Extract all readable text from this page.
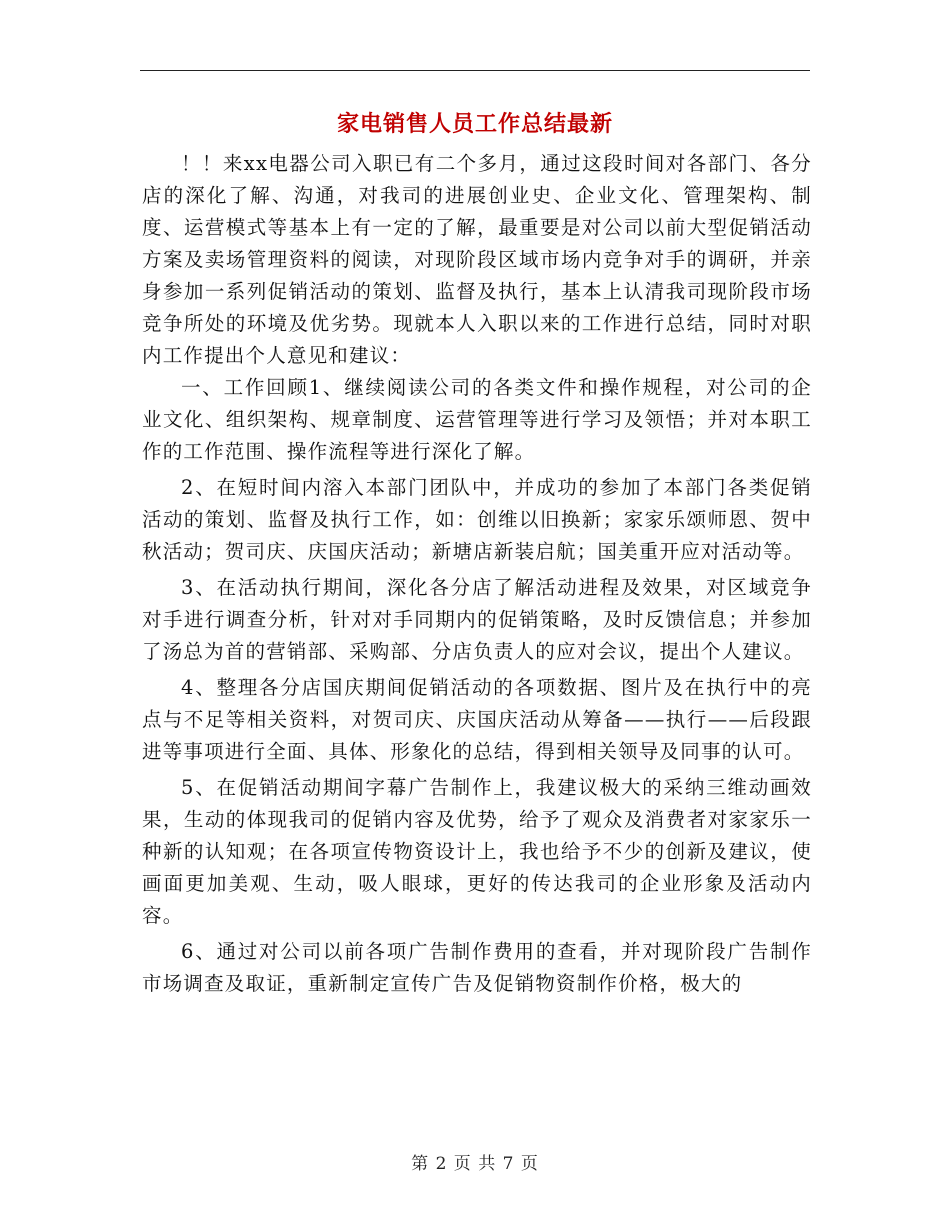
家电销售人员工作总结最新

！！来xx电器公司入职已有二个多月，通过这段时间对各部门、各分店的深化了解、沟通，对我司的进展创业史、企业文化、管理架构、制度、运营模式等基本上有一定的了解，最重要是对公司以前大型促销活动方案及卖场管理资料的阅读，对现阶段区域市场内竞争对手的调研，并亲身参加一系列促销活动的策划、监督及执行，基本上认清我司现阶段市场竞争所处的环境及优劣势。现就本人入职以来的工作进行总结，同时对职内工作提出个人意见和建议：

一、工作回顾1、继续阅读公司的各类文件和操作规程，对公司的企业文化、组织架构、规章制度、运营管理等进行学习及领悟；并对本职工作的工作范围、操作流程等进行深化了解。

2、在短时间内溶入本部门团队中，并成功的参加了本部门各类促销活动的策划、监督及执行工作，如：创维以旧换新；家家乐颂师恩、贺中秋活动；贺司庆、庆国庆活动；新塘店新装启航；国美重开应对活动等。

3、在活动执行期间，深化各分店了解活动进程及效果，对区域竞争对手进行调查分析，针对对手同期内的促销策略，及时反馈信息；并参加了汤总为首的营销部、采购部、分店负责人的应对会议，提出个人建议。

4、整理各分店国庆期间促销活动的各项数据、图片及在执行中的亮点与不足等相关资料，对贺司庆、庆国庆活动从筹备——执行——后段跟进等事项进行全面、具体、形象化的总结，得到相关领导及同事的认可。

5、在促销活动期间字幕广告制作上，我建议极大的采纳三维动画效果，生动的体现我司的促销内容及优势，给予了观众及消费者对家家乐一种新的认知观；在各项宣传物资设计上，我也给予不少的创新及建议，使画面更加美观、生动，吸人眼球，更好的传达我司的企业形象及活动内容。

6、通过对公司以前各项广告制作费用的查看，并对现阶段广告制作市场调查及取证，重新制定宣传广告及促销物资制作价格，极大的

第 2 页 共 7 页
